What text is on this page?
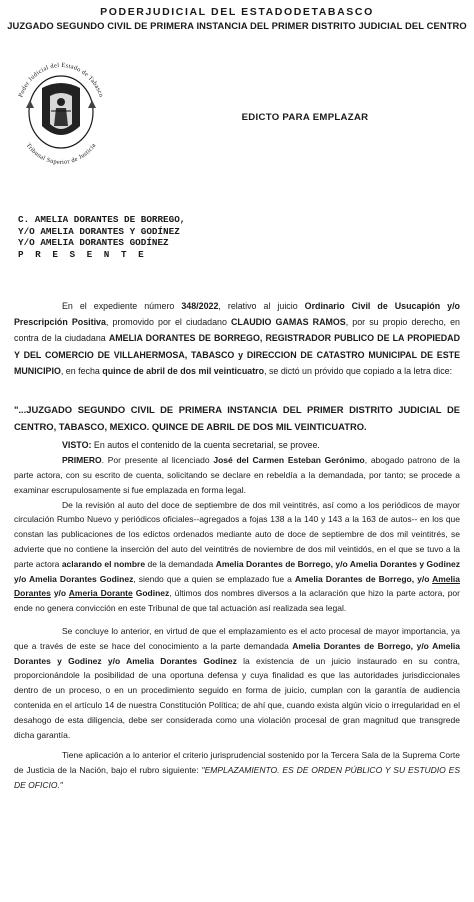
PODERJUDICIAL DEL ESTADODETABASCO
JUZGADO SEGUNDO CIVIL DE PRIMERA INSTANCIA DEL PRIMER DISTRITO JUDICIAL DEL CENTRO
Poder Judicial del Estado de Tabasco
Tribunal Superior de Justicia
EDICTO PARA EMPLAZAR
C. AMELIA DORANTES DE BORREGO,
Y/O AMELIA DORANTES Y GODÍNEZ
Y/O AMELIA DORANTES GODÍNEZ
P R E S E N T E

En el expediente número 348/2022, relativo al juicio Ordinario Civil de Usucapión y/o Prescripción Positiva, promovido por el ciudadano CLAUDIO GAMAS RAMOS, por su propio derecho, en contra de la ciudadana AMELIA DORANTES DE BORREGO, REGISTRADOR PUBLICO DE LA PROPIEDAD Y DEL COMERCIO DE VILLAHERMOSA, TABASCO y DIRECCION DE CATASTRO MUNICIPAL DE ESTE MUNICIPIO, en fecha quince de abril de dos mil veinticuatro, se dictó un próvido que copiado a la letra dice:

"...JUZGADO SEGUNDO CIVIL DE PRIMERA INSTANCIA DEL PRIMER DISTRITO JUDICIAL DE CENTRO, TABASCO, MEXICO. QUINCE DE ABRIL DE DOS MIL VEINTICUATRO.

VISTO: En autos el contenido de la cuenta secretarial, se provee.

PRIMERO. Por presente al licenciado José del Carmen Esteban Gerónimo, abogado patrono de la parte actora, con su escrito de cuenta, solicitando se declare en rebeldía a la demandada, por tanto; se procede a examinar escrupulosamente si fue emplazada en forma legal.

De la revisión al auto del doce de septiembre de dos mil veintitrés, así como a los periódicos de mayor circulación Rumbo Nuevo y periódicos oficiales--agregados a fojas 138 a la 140 y 143 a la 163 de autos-- en los que constan las publicaciones de los edictos ordenados mediante auto de doce de septiembre de dos mil veintitrés, se advierte que no contiene la inserción del auto del veintitrés de noviembre de dos mil veintidós, en el que se tuvo a la parte actora aclarando el nombre de la demandada Amelia Dorantes de Borrego, y/o Amelia Dorantes y Godinez y/o Amelia Dorantes Godinez, siendo que a quien se emplazado fue a Amelia Dorantes de Borrego, y/o Amelia Dorantes y/o Ameria Dorante Godinez, últimos dos nombres diversos a la aclaración que hizo la parte actora, por ende no genera convicción en este Tribunal de que tal actuación así realizada sea legal.

Se concluye lo anterior, en virtud de que el emplazamiento es el acto procesal de mayor importancia, ya que a través de este se hace del conocimiento a la parte demandada Amelia Dorantes de Borrego, y/o Amelia Dorantes y Godinez y/o Amelia Dorantes Godinez la existencia de un juicio instaurado en su contra, proporcionándole la posibilidad de una oportuna defensa y cuya finalidad es que las autoridades jurisdiccionales dentro de un proceso, o en un procedimiento seguido en forma de juicio, cumplan con la garantía de audiencia contenida en el artículo 14 de nuestra Constitución Política; de ahí que, cuando exista algún vicio o irregularidad en el desahogo de esta diligencia, debe ser considerada como una violación procesal de gran magnitud que transgrede dicha garantía.

Tiene aplicación a lo anterior el criterio jurisprudencial sostenido por la Tercera Sala de la Suprema Corte de Justicia de la Nación, bajo el rubro siguiente: "EMPLAZAMIENTO. ES DE ORDEN PÚBLICO Y SU ESTUDIO ES DE OFICIO."
